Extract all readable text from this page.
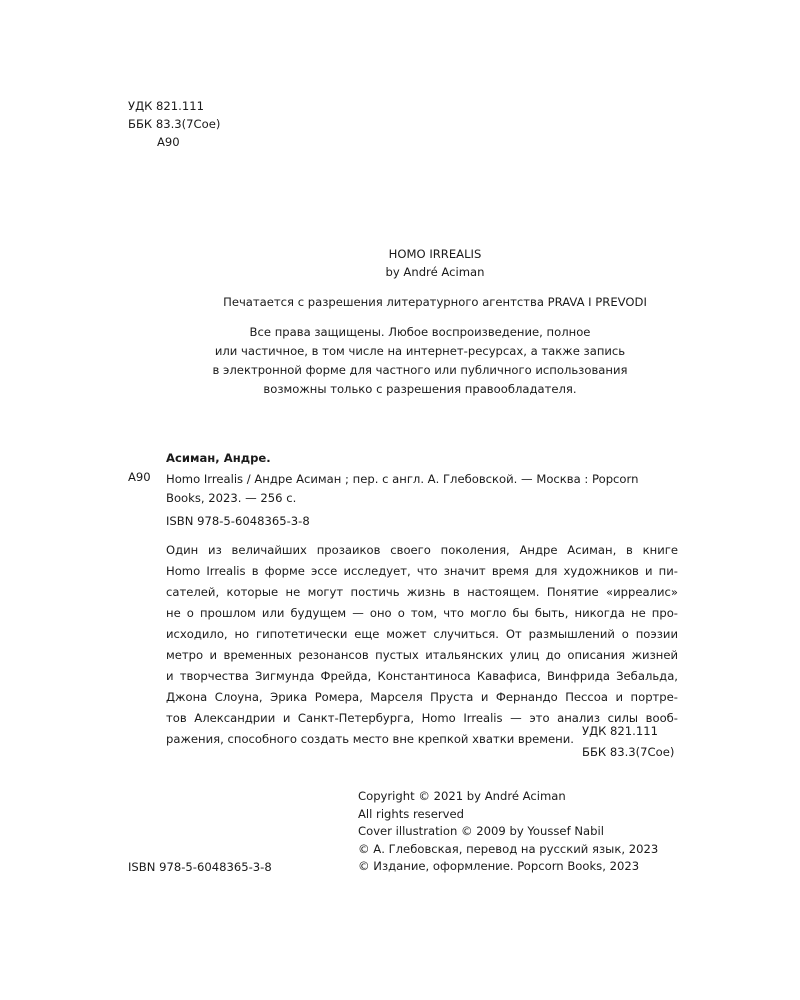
УДК 821.111
ББК 83.3(7Сое)
А90
HOMO IRREALIS
by André Aciman
Печатается с разрешения литературного агентства PRAVA I PREVODI
Все права защищены. Любое воспроизведение, полное
или частичное, в том числе на интернет-ресурсах, а также запись
в электронной форме для частного или публичного использования
возможны только с разрешения правообладателя.
Асиман, Андре.
А90 Homo Irrealis / Андре Асиман ; пер. с англ. А. Глебовской. — Москва : Popcorn
Books, 2023. — 256 с.
ISBN 978-5-6048365-3-8
Один из величайших прозаиков своего поколения, Андре Асиман, в книге
Homo Irrealis в форме эссе исследует, что значит время для художников и пи-
сателей, которые не могут постичь жизнь в настоящем. Понятие «ирреалис»
не о прошлом или будущем — оно о том, что могло бы быть, никогда не про-
исходило, но гипотетически еще может случиться. От размышлений о поэзии
метро и временных резонансов пустых итальянских улиц до описания жизней
и творчества Зигмунда Фрейда, Константиноса Кавафиса, Винфрида Зебальда,
Джона Слоуна, Эрика Ромера, Марселя Пруста и Фернандо Пессоа и портре-
тов Александрии и Санкт-Петербурга, Homo Irrealis — это анализ силы вооб-
ражения, способного создать место вне крепкой хватки времени.
УДК 821.111
ББК 83.3(7Сое)
Copyright © 2021 by André Aciman
All rights reserved
Cover illustration © 2009 by Youssef Nabil
© А. Глебовская, перевод на русский язык, 2023
© Издание, оформление. Popcorn Books, 2023
ISBN 978-5-6048365-3-8
